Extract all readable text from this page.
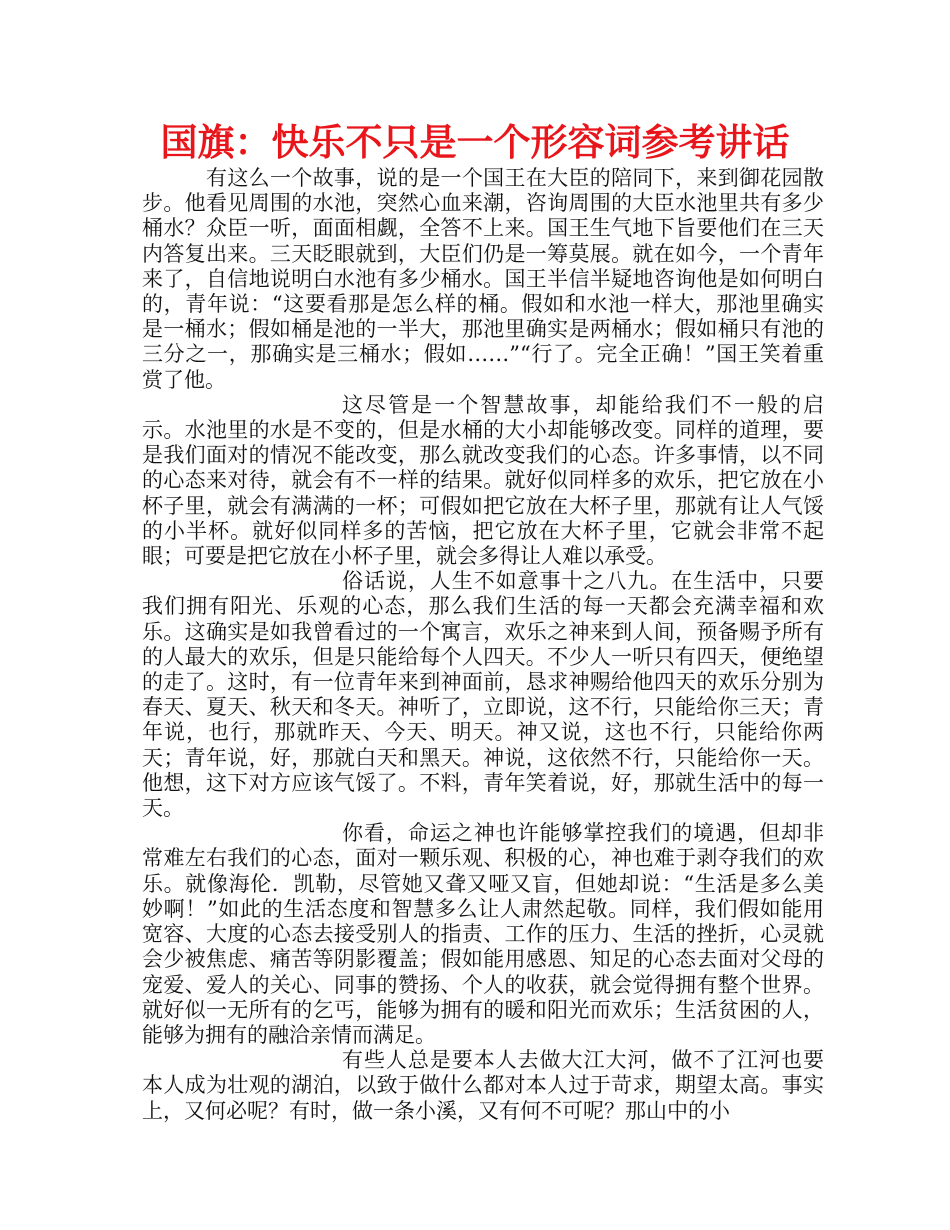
国旗：快乐不只是一个形容词参考讲话

有这么一个故事，说的是一个国王在大臣的陪同下，来到御花园散步。他看见周围的水池，突然心血来潮，咨询周围的大臣水池里共有多少桶水？众臣一听，面面相觑，全答不上来。国王生气地下旨要他们在三天内答复出来。三天眨眼就到，大臣们仍是一筹莫展。就在如今，一个青年来了，自信地说明白水池有多少桶水。国王半信半疑地咨询他是如何明白的，青年说：“这要看那是怎么样的桶。假如和水池一样大，那池里确实是一桶水；假如桶是池的一半大，那池里确实是两桶水；假如桶只有池的三分之一，那确实是三桶水；假如……”“行了。完全正确！”国王笑着重赏了他。

这尽管是一个智慧故事，却能给我们不一般的启示。水池里的水是不变的，但是水桶的大小却能够改变。同样的道理，要是我们面对的情况不能改变，那么就改变我们的心态。许多事情，以不同的心态来对待，就会有不一样的结果。就好似同样多的欢乐，把它放在小杯子里，就会有满满的一杯；可假如把它放在大杯子里，那就有让人气馁的小半杯。就好似同样多的苦恼，把它放在大杯子里，它就会非常不起眼；可要是把它放在小杯子里，就会多得让人难以承受。

俗话说，人生不如意事十之八九。在生活中，只要我们拥有阳光、乐观的心态，那么我们生活的每一天都会充满幸福和欢乐。这确实是如我曾看过的一个寓言，欢乐之神来到人间，预备赐予所有的人最大的欢乐，但是只能给每个人四天。不少人一听只有四天，便绝望的走了。这时，有一位青年来到神面前，恳求神赐给他四天的欢乐分别为春天、夏天、秋天和冬天。神听了，立即说，这不行，只能给你三天；青年说，也行，那就昨天、今天、明天。神又说，这也不行，只能给你两天；青年说，好，那就白天和黑天。神说，这依然不行，只能给你一天。他想，这下对方应该气馁了。不料，青年笑着说，好，那就生活中的每一天。

你看，命运之神也许能够掌控我们的境遇，但却非常难左右我们的心态，面对一颗乐观、积极的心，神也难于剥夺我们的欢乐。就像海伦．凯勒，尽管她又聋又哑又盲，但她却说：“生活是多么美妙啊！”如此的生活态度和智慧多么让人肃然起敬。同样，我们假如能用宽容、大度的心态去接受别人的指责、工作的压力、生活的挫折，心灵就会少被焦虑、痛苦等阴影覆盖；假如能用感恩、知足的心态去面对父母的宠爱、爱人的关心、同事的赞扬、个人的收获，就会觉得拥有整个世界。就好似一无所有的乞丐，能够为拥有的暖和阳光而欢乐；生活贫困的人，能够为拥有的融洽亲情而满足。

有些人总是要本人去做大江大河，做不了江河也要本人成为壮观的湖泊，以致于做什么都对本人过于苛求，期望太高。事实上，又何必呢？有时，做一条小溪，又有何不可呢？那山中的小
